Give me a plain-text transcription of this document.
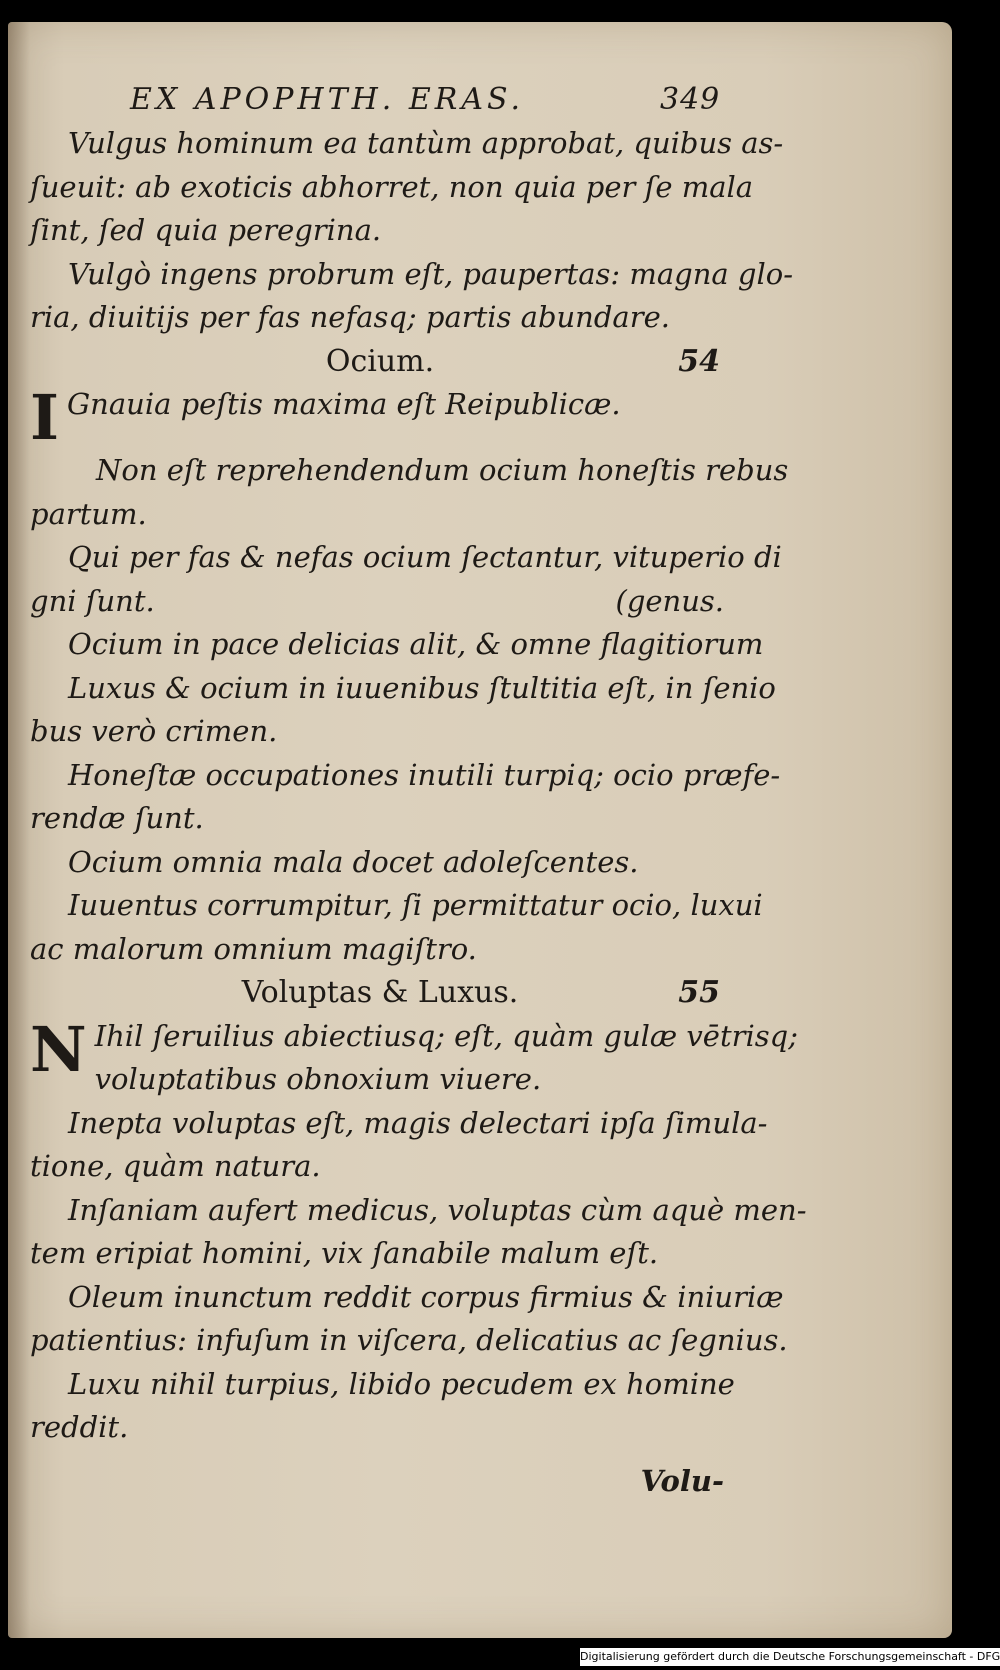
EX APOPHTH. ERAS.	349
Vulgus hominum ea tantùm approbat, quibus as-
ſueuit: ab exoticis abhorret, non quia per ſe mala
ſint, ſed quia peregrina.
Vulgò ingens probrum eſt, paupertas: magna glo-
ria, diuitijs per fas nefasq; partis abundare.
Ocium.	54
I Gnauia peſtis maxima eſt Reipublicæ.
Non eſt reprehendendum ocium honeſtis rebus
partum.
Qui per fas & nefas ocium ſectantur, vituperio di
gni ſunt.	(genus.
Ocium in pace delicias alit, & omne flagitiorum
Luxus & ocium in iuuenibus ſtultitia eſt, in ſenio
bus verò crimen.
Honeſtæ occupationes inutili turpiq; ocio præfe-
rendæ ſunt.
Ocium omnia mala docet adoleſcentes.
Iuuentus corrumpitur, ſi permittatur ocio, luxui
ac malorum omnium magiſtro.
Voluptas & Luxus.	55
N Ihil ſeruilius abiectiusq; eſt, quàm gulæ vētrisq;
voluptatibus obnoxium viuere.
Inepta voluptas eſt, magis delectari ipſa ſimula-
tione, quàm natura.
Inſaniam aufert medicus, voluptas cùm aquè men-
tem eripiat homini, vix ſanabile malum eſt.
Oleum inunctum reddit corpus firmius & iniuriæ
patientius: infuſum in viſcera, delicatius ac ſegnius.
Luxu nihil turpius, libido pecudem ex homine
reddit.
Volu-
Digitalisierung gefördert durch die Deutsche Forschungsgemeinschaft - DFG
